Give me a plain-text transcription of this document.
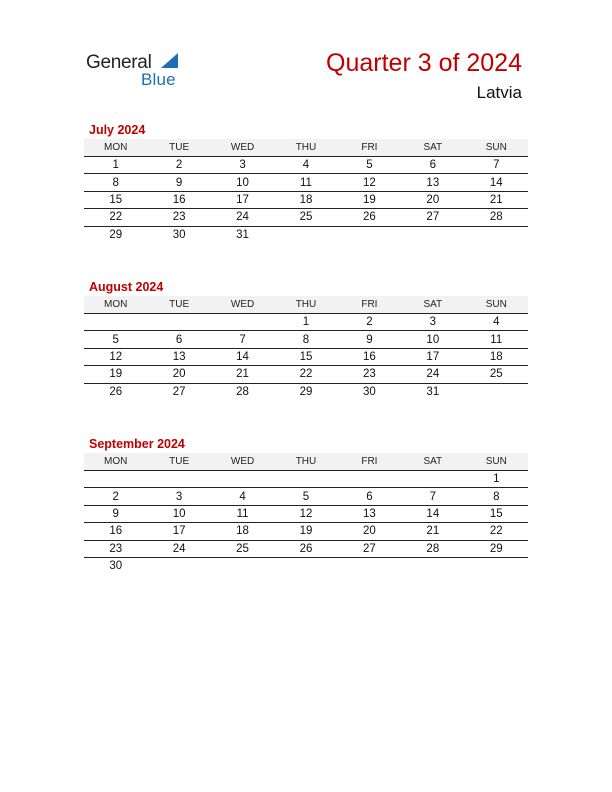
General
Blue
Quarter 3 of 2024
Latvia
July 2024
MON	TUE	WED	THU	FRI	SAT	SUN
1	2	3	4	5	6	7
8	9	10	11	12	13	14
15	16	17	18	19	20	21
22	23	24	25	26	27	28
29	30	31				
August 2024
MON	TUE	WED	THU	FRI	SAT	SUN
			1	2	3	4
5	6	7	8	9	10	11
12	13	14	15	16	17	18
19	20	21	22	23	24	25
26	27	28	29	30	31	
September 2024
MON	TUE	WED	THU	FRI	SAT	SUN
						1
2	3	4	5	6	7	8
9	10	11	12	13	14	15
16	17	18	19	20	21	22
23	24	25	26	27	28	29
30						
